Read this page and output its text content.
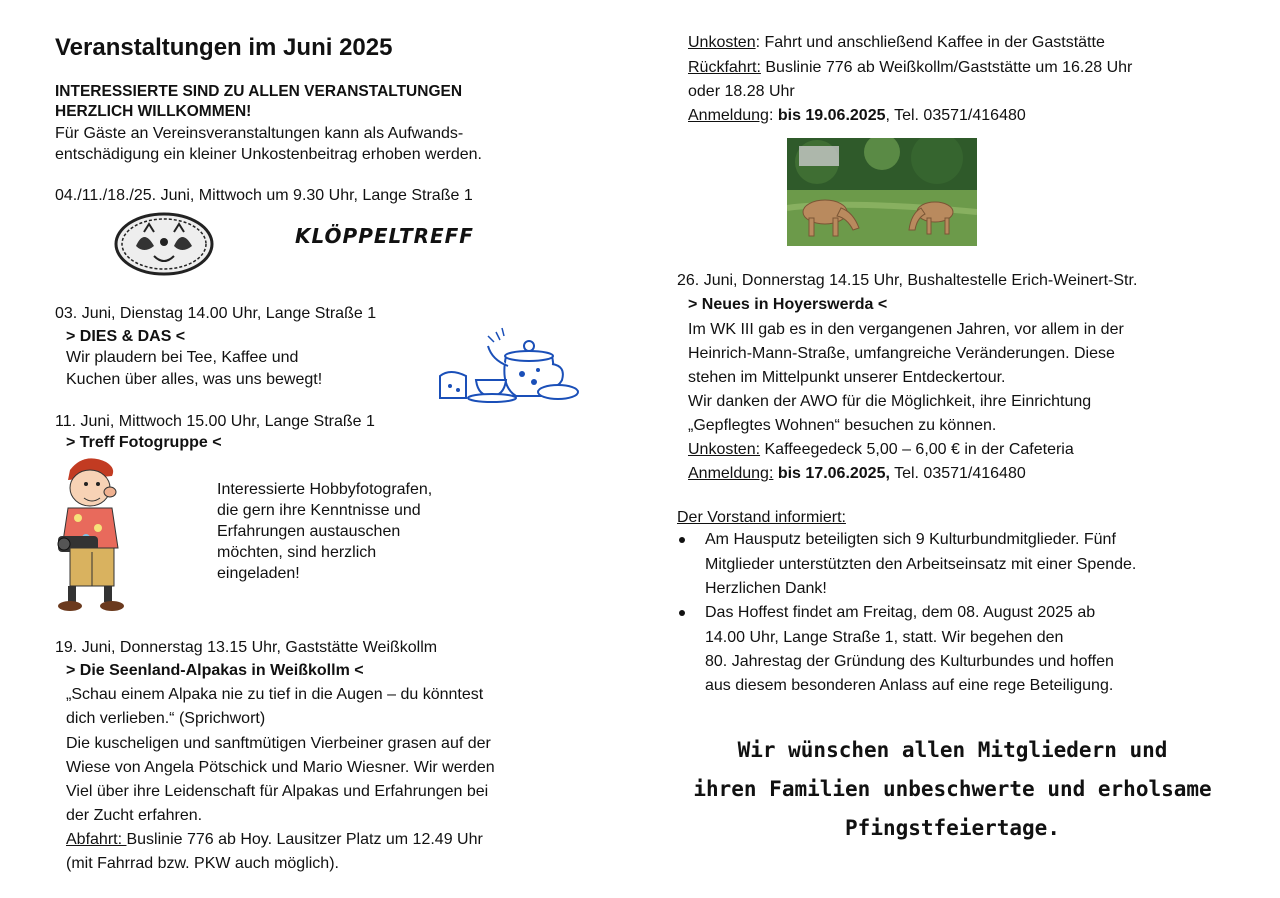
Veranstaltungen im Juni 2025
INTERESSIERTE SIND ZU ALLEN VERANSTALTUNGEN
HERZLICH WILLKOMMEN!
Für Gäste an Vereinsveranstaltungen kann als Aufwands-
entschädigung ein kleiner Unkostenbeitrag erhoben werden.
04./11./18./25. Juni, Mittwoch um 9.30 Uhr, Lange Straße 1
KLÖPPELTREFF
03. Juni, Dienstag 14.00 Uhr, Lange Straße 1
> DIES & DAS <
Wir plaudern bei Tee, Kaffee und
Kuchen über alles, was uns bewegt!
11. Juni, Mittwoch 15.00 Uhr, Lange Straße 1
> Treff Fotogruppe <
Interessierte Hobbyfotografen,
die gern ihre Kenntnisse und
Erfahrungen austauschen
möchten, sind herzlich
eingeladen!
19. Juni, Donnerstag 13.15 Uhr, Gaststätte Weißkollm
> Die Seenland-Alpakas in Weißkollm <
„Schau einem Alpaka nie zu tief in die Augen – du könntest
dich verlieben.“ (Sprichwort)
Die kuscheligen und sanftmütigen Vierbeiner grasen auf der
Wiese von Angela Pötschick und Mario Wiesner. Wir werden
Viel über ihre Leidenschaft für Alpakas und Erfahrungen bei
der Zucht erfahren.
Abfahrt: Buslinie 776 ab Hoy. Lausitzer Platz um 12.49 Uhr
(mit Fahrrad bzw. PKW auch möglich).
Unkosten: Fahrt und anschließend Kaffee in der Gaststätte
Rückfahrt: Buslinie 776 ab Weißkollm/Gaststätte um 16.28 Uhr
oder 18.28 Uhr
Anmeldung: bis 19.06.2025, Tel. 03571/416480
26. Juni, Donnerstag 14.15 Uhr, Bushaltestelle Erich-Weinert-Str.
> Neues in Hoyerswerda <
Im WK III gab es in den vergangenen Jahren, vor allem in der
Heinrich-Mann-Straße, umfangreiche Veränderungen. Diese
stehen im Mittelpunkt unserer Entdeckertour.
Wir danken der AWO für die Möglichkeit, ihre Einrichtung
„Gepflegtes Wohnen“ besuchen zu können.
Unkosten: Kaffeegedeck 5,00 – 6,00 € in der Cafeteria
Anmeldung: bis 17.06.2025, Tel. 03571/416480
Der Vorstand informiert:
Am Hausputz beteiligten sich 9 Kulturbundmitglieder. Fünf
Mitglieder unterstützten den Arbeitseinsatz mit einer Spende.
Herzlichen Dank!
Das Hoffest findet am Freitag, dem 08. August 2025 ab
14.00 Uhr, Lange Straße 1, statt. Wir begehen den
80. Jahrestag der Gründung des Kulturbundes und hoffen
aus diesem besonderen Anlass auf eine rege Beteiligung.
Wir wünschen allen Mitgliedern und
ihren Familien unbeschwerte und erholsame
Pfingstfeiertage.
